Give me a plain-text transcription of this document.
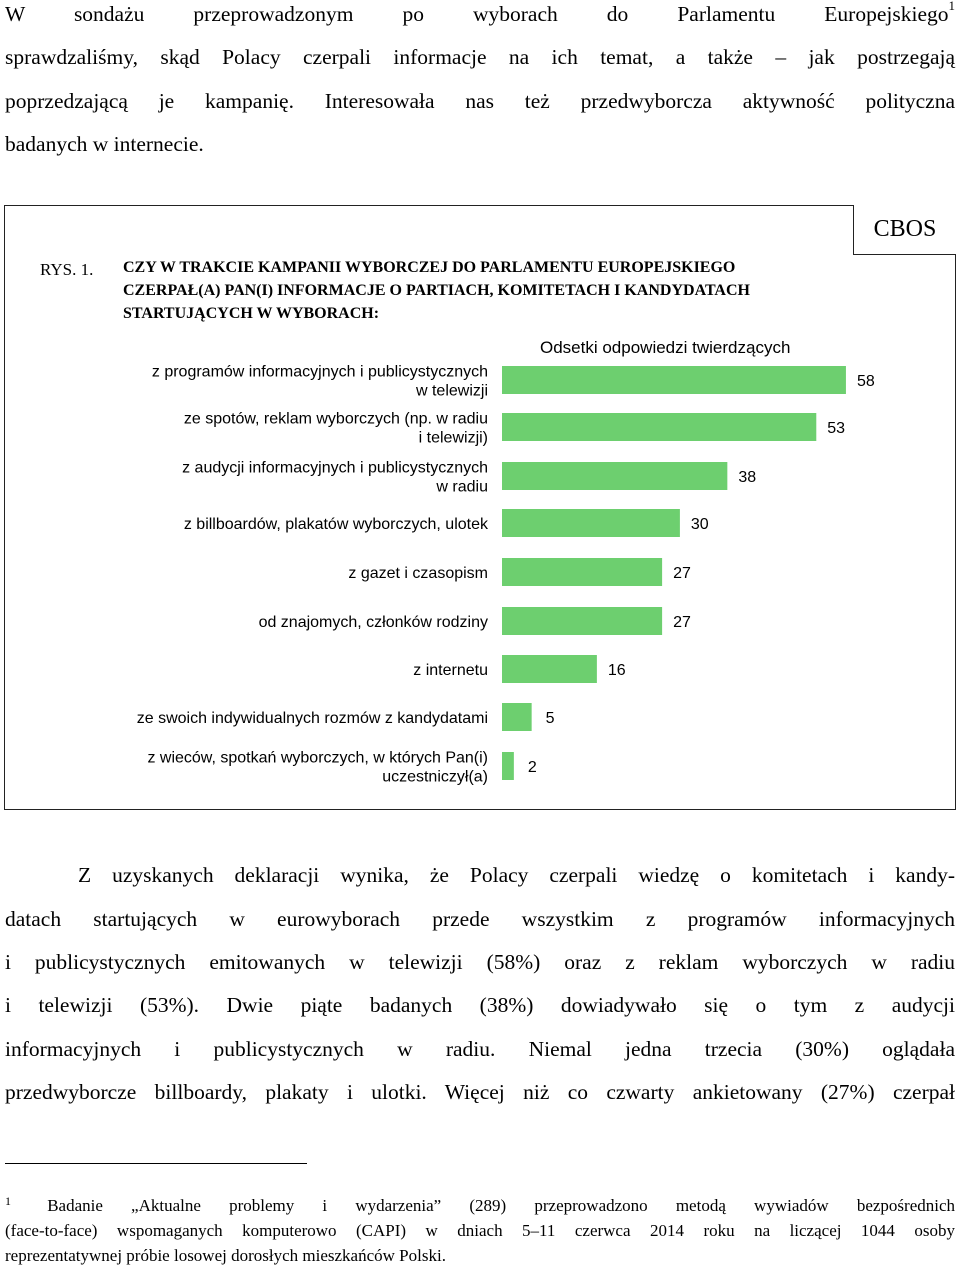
W sondażu przeprowadzonym po wyborach do Parlamentu Europejskiego$^1$
sprawdzaliśmy, skąd Polacy czerpali informacje na ich temat, a także – jak postrzegają
poprzedzającą je kampanię. Interesowała nas też przedwyborcza aktywność polityczna
badanych w internecie.
CBOS
RYS. 1. CZY W TRAKCIE KAMPANII WYBORCZEJ DO PARLAMENTU EUROPEJSKIEGO
CZERPAŁ(A) PAN(I) INFORMACJE O PARTIACH, KOMITETACH I KANDYDATACH
STARTUJĄCYCH W WYBORACH:
Odsetki odpowiedzi twierdzących
58
z programów informacyjnych i publicystycznych
w telewizji
53
ze spotów, reklam wyborczych (np. w radiu
i telewizji)
38
z audycji informacyjnych i publicystycznych
w radiu
30
z billboardów, plakatów wyborczych, ulotek
27
z gazet i czasopism
27
od znajomych, członków rodziny
16
z internetu
5
ze swoich indywidualnych rozmów z kandydatami
2
z wieców, spotkań wyborczych, w których Pan(i)
uczestniczył(a)
Z uzyskanych deklaracji wynika, że Polacy czerpali wiedzę o komitetach i kandy-
datach startujących w eurowyborach przede wszystkim z programów informacyjnych
i publicystycznych emitowanych w telewizji (58%) oraz z reklam wyborczych w radiu
i telewizji (53%). Dwie piąte badanych (38%) dowiadywało się o tym z audycji
informacyjnych i publicystycznych w radiu. Niemal jedna trzecia (30%) oglądała
przedwyborcze billboardy, plakaty i ulotki. Więcej niż co czwarty ankietowany (27%) czerpał
$^1$ Badanie „Aktualne problemy i wydarzenia” (289) przeprowadzono metodą wywiadów bezpośrednich
(face-to-face) wspomaganych komputerowo (CAPI) w dniach 5–11 czerwca 2014 roku na liczącej 1044 osoby
reprezentatywnej próbie losowej dorosłych mieszkańców Polski.
